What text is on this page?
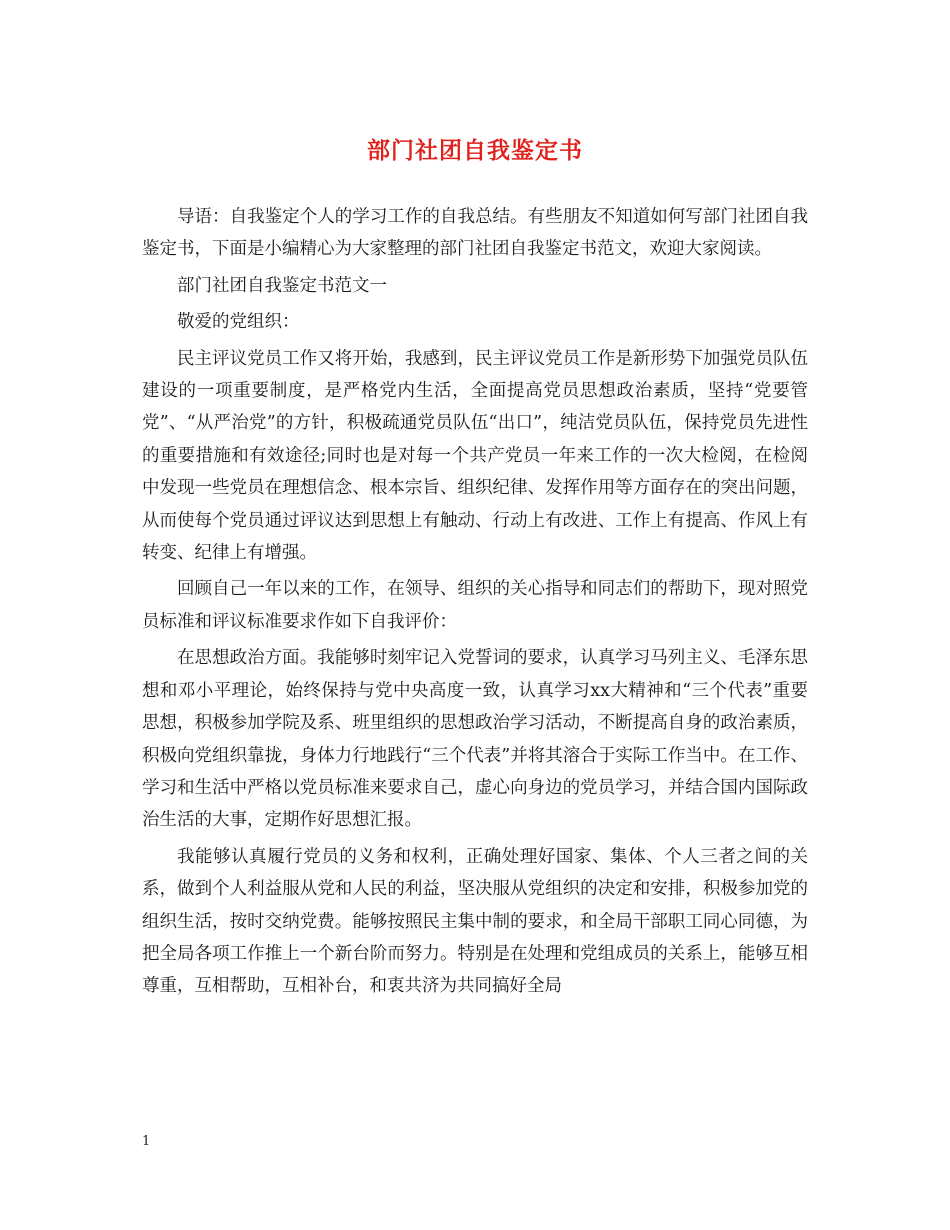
部门社团自我鉴定书

导语：自我鉴定个人的学习工作的自我总结。有些朋友不知道如何写部门社团自我鉴定书，下面是小编精心为大家整理的部门社团自我鉴定书范文，欢迎大家阅读。

部门社团自我鉴定书范文一

敬爱的党组织：

民主评议党员工作又将开始，我感到，民主评议党员工作是新形势下加强党员队伍建设的一项重要制度，是严格党内生活，全面提高党员思想政治素质，坚持“党要管党”、“从严治党”的方针，积极疏通党员队伍“出口”，纯洁党员队伍，保持党员先进性的重要措施和有效途径;同时也是对每一个共产党员一年来工作的一次大检阅，在检阅中发现一些党员在理想信念、根本宗旨、组织纪律、发挥作用等方面存在的突出问题，从而使每个党员通过评议达到思想上有触动、行动上有改进、工作上有提高、作风上有转变、纪律上有增强。

回顾自己一年以来的工作，在领导、组织的关心指导和同志们的帮助下，现对照党员标准和评议标准要求作如下自我评价：

在思想政治方面。我能够时刻牢记入党誓词的要求，认真学习马列主义、毛泽东思想和邓小平理论，始终保持与党中央高度一致，认真学习xx大精神和“三个代表”重要思想，积极参加学院及系、班里组织的思想政治学习活动，不断提高自身的政治素质，积极向党组织靠拢，身体力行地践行“三个代表”并将其溶合于实际工作当中。在工作、学习和生活中严格以党员标准来要求自己，虚心向身边的党员学习，并结合国内国际政治生活的大事，定期作好思想汇报。

我能够认真履行党员的义务和权利，正确处理好国家、集体、个人三者之间的关系，做到个人利益服从党和人民的利益，坚决服从党组织的决定和安排，积极参加党的组织生活，按时交纳党费。能够按照民主集中制的要求，和全局干部职工同心同德，为把全局各项工作推上一个新台阶而努力。特别是在处理和党组成员的关系上，能够互相尊重，互相帮助，互相补台，和衷共济为共同搞好全局

1
